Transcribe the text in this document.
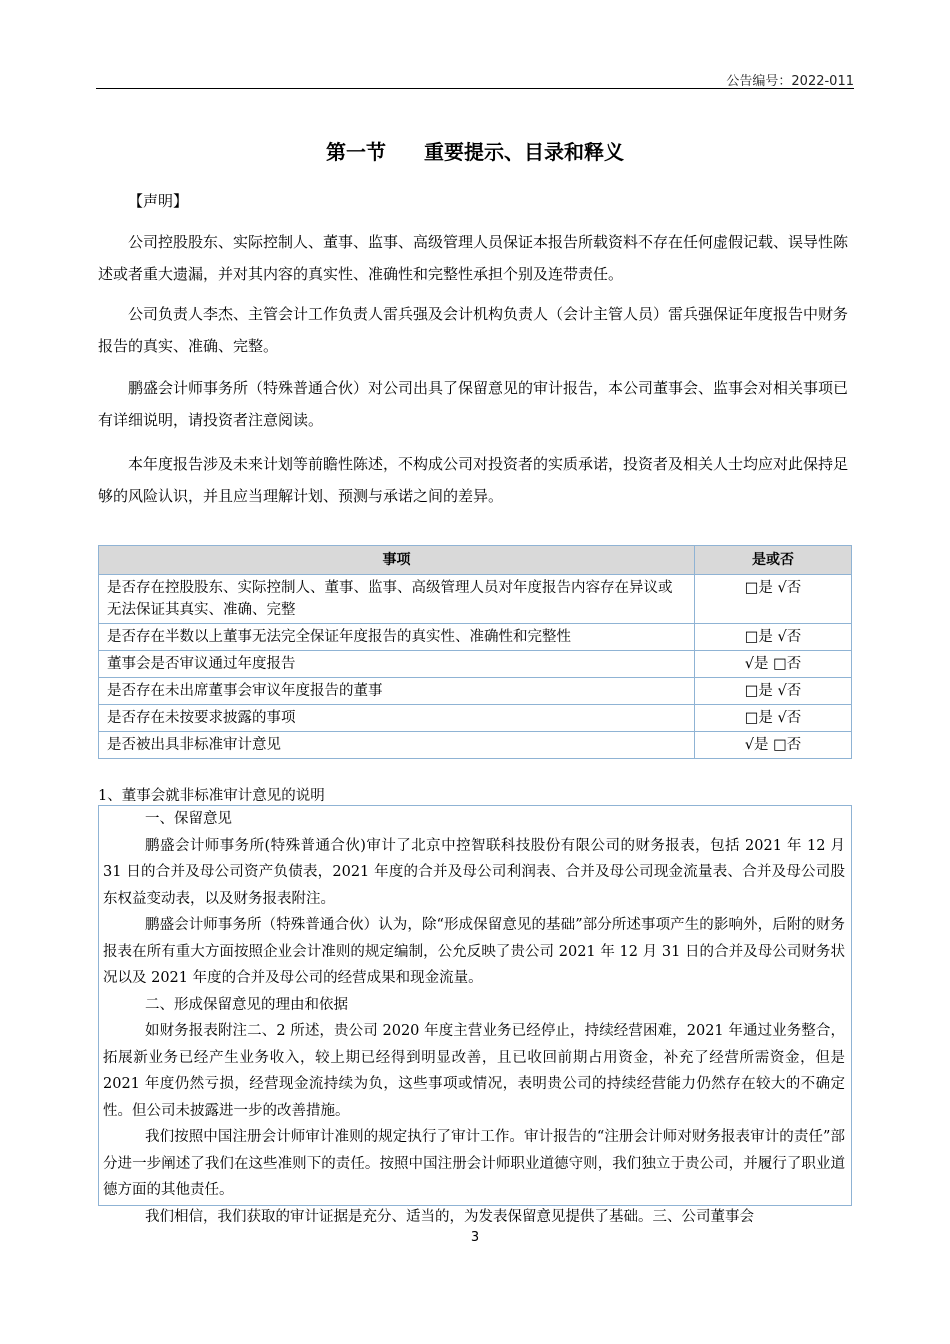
公告编号：2022-011
第一节 重要提示、目录和释义
【声明】
公司控股股东、实际控制人、董事、监事、高级管理人员保证本报告所载资料不存在任何虚假记载、误导性陈述或者重大遗漏，并对其内容的真实性、准确性和完整性承担个别及连带责任。
公司负责人李杰、主管会计工作负责人雷兵强及会计机构负责人（会计主管人员）雷兵强保证年度报告中财务报告的真实、准确、完整。
鹏盛会计师事务所（特殊普通合伙）对公司出具了保留意见的审计报告，本公司董事会、监事会对相关事项已有详细说明，请投资者注意阅读。
本年度报告涉及未来计划等前瞻性陈述，不构成公司对投资者的实质承诺，投资者及相关人士均应对此保持足够的风险认识，并且应当理解计划、预测与承诺之间的差异。
事项	是或否
是否存在控股股东、实际控制人、董事、监事、高级管理人员对年度报告内容存在异议或无法保证其真实、准确、完整	□是 √否
是否存在半数以上董事无法完全保证年度报告的真实性、准确性和完整性	□是 √否
董事会是否审议通过年度报告	√是 □否
是否存在未出席董事会审议年度报告的董事	□是 √否
是否存在未按要求披露的事项	□是 √否
是否被出具非标准审计意见	√是 □否
1、董事会就非标准审计意见的说明

一、保留意见

鹏盛会计师事务所(特殊普通合伙)审计了北京中控智联科技股份有限公司的财务报表，包括 2021 年 12 月 31 日的合并及母公司资产负债表，2021 年度的合并及母公司利润表、合并及母公司现金流量表、合并及母公司股东权益变动表，以及财务报表附注。

鹏盛会计师事务所（特殊普通合伙）认为，除“形成保留意见的基础”部分所述事项产生的影响外，后附的财务报表在所有重大方面按照企业会计准则的规定编制，公允反映了贵公司 2021 年 12 月 31 日的合并及母公司财务状况以及 2021 年度的合并及母公司的经营成果和现金流量。

二、形成保留意见的理由和依据

如财务报表附注二、2 所述，贵公司 2020 年度主营业务已经停止，持续经营困难，2021 年通过业务整合，拓展新业务已经产生业务收入，较上期已经得到明显改善，且已收回前期占用资金，补充了经营所需资金，但是 2021 年度仍然亏损，经营现金流持续为负，这些事项或情况，表明贵公司的持续经营能力仍然存在较大的不确定性。但公司未披露进一步的改善措施。

我们按照中国注册会计师审计准则的规定执行了审计工作。审计报告的“注册会计师对财务报表审计的责任”部分进一步阐述了我们在这些准则下的责任。按照中国注册会计师职业道德守则，我们独立于贵公司，并履行了职业道德方面的其他责任。

我们相信，我们获取的审计证据是充分、适当的，为发表保留意见提供了基础。三、公司董事会

3
